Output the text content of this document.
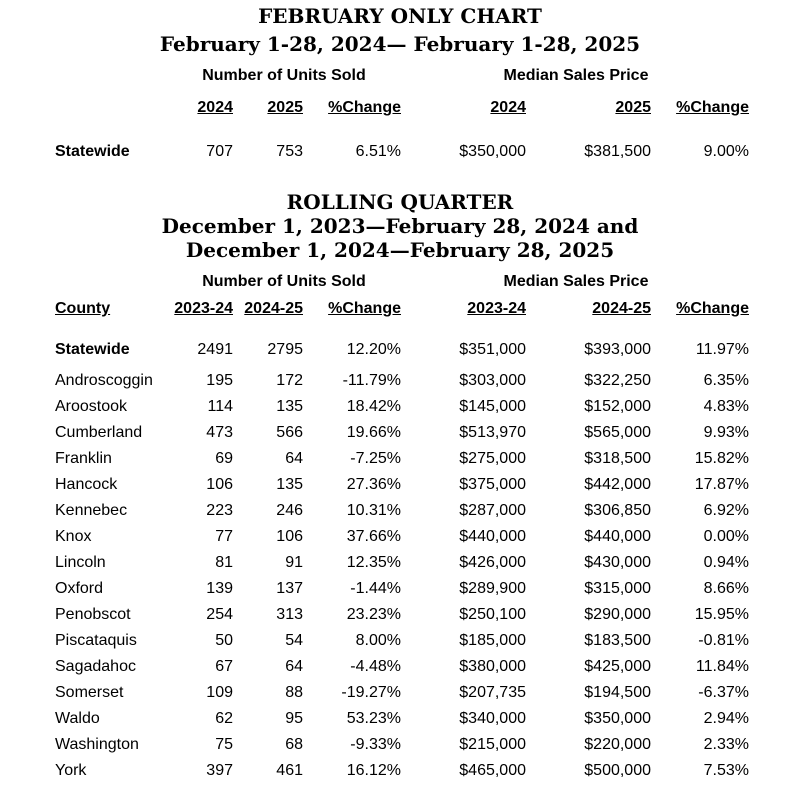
FEBRUARY ONLY CHART
February 1-28, 2024— February 1-28, 2025
Number of Units Sold	Median Sales Price
2024 2025 %Change	2024	2025 %Change
Statewide	707	753	6.51%	$350,000	$381,500	9.00%
ROLLING QUARTER
December 1, 2023—February 28, 2024 and
December 1, 2024—February 28, 2025
Number of Units Sold	Median Sales Price
County	2023-24 2024-25 %Change	2023-24	2024-25 %Change
Statewide	2491 2795	12.20%	$351,000	$393,000	11.97%
Androscoggin	195	172 -11.79%	$303,000	$322,250	6.35%
Aroostook	114	135	18.42%	$145,000	$152,000	4.83%
Cumberland	473	566	19.66%	$513,970	$565,000	9.93%
Franklin	69	64	-7.25%	$275,000	$318,500	15.82%
Hancock	106	135	27.36%	$375,000	$442,000	17.87%
Kennebec	223	246	10.31%	$287,000	$306,850	6.92%
Knox	77	106	37.66%	$440,000	$440,000	0.00%
Lincoln	81	91	12.35%	$426,000	$430,000	0.94%
Oxford	139	137	-1.44%	$289,900	$315,000	8.66%
Penobscot	254	313	23.23%	$250,100	$290,000	15.95%
Piscataquis	50	54	8.00%	$185,000	$183,500	-0.81%
Sagadahoc	67	64	-4.48%	$380,000	$425,000	11.84%
Somerset	109	88 -19.27%	$207,735	$194,500	-6.37%
Waldo	62	95	53.23%	$340,000	$350,000	2.94%
Washington	75	68	-9.33%	$215,000	$220,000	2.33%
York	397	461	16.12%	$465,000	$500,000	7.53%
